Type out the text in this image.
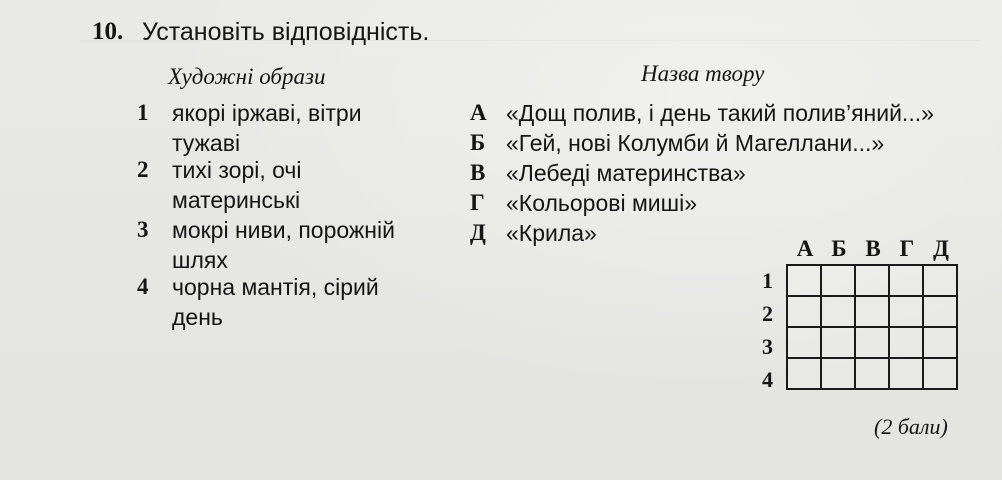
10. Установіть відповідність.
Художні образи	Назва твору
1 якорі іржаві, вітри
тужаві
2 тихі зорі, очі
материнські
3 мокрі ниви, порожній
шлях
4 чорна мантія, сірий
день
А «Дощ полив, і день такий полив’яний...»
Б «Гей, нові Колумби й Магеллани...»
В «Лебеді материнства»
Г «Кольорові миші»
Д «Крила»
А Б В Г Д
1
2
3
4

(2 бали)
